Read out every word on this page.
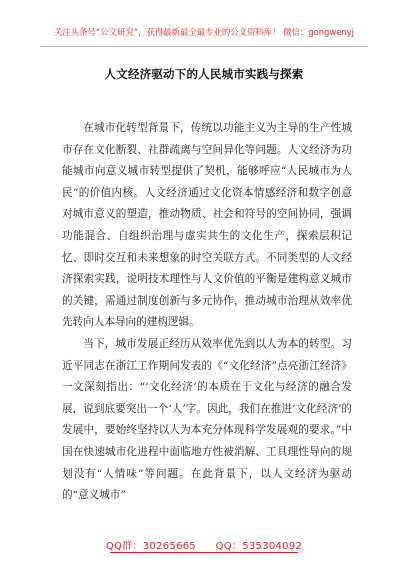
关注头条号“公文研究”，获得最新最全最专业的公文资料库！ 微信：gongwenyj
人文经济驱动下的人民城市实践与探索

在城市化转型背景下，传统以功能主义为主导的生产性城市存在文化断裂、社群疏离与空间异化等问题。人文经济为功能城市向意义城市转型提供了契机，能够呼应“人民城市为人民”的价值内核。人文经济通过文化资本情感经济和数字创意对城市意义的塑造，推动物质、社会和符号的空间协同，强调功能混合、自组织治理与虚实共生的文化生产，探索层积记忆、即时交互和未来想象的时空关联方式。不同类型的人文经济探索实践，说明技术理性与人文价值的平衡是建构意义城市的关键，需通过制度创新与多元协作，推动城市治理从效率优先转向人本导向的建构逻辑。

当下，城市发展正经历从效率优先到以人为本的转型。习近平同志在浙江工作期间发表的《“文化经济”点亮浙江经济》一文深刻指出：“‘文化经济’的本质在于文化与经济的融合发展，说到底要突出一个‘人’字。因此，我们在推进‘文化经济’的发展中，要始终坚持以人为本充分体现科学发展观的要求。”中国在快速城市化进程中面临地方性被消解、工具理性导向的规划没有“人情味”等问题。在此背景下，以人文经济为驱动的“意义城市”

QQ群：30265665 QQ：535304092
